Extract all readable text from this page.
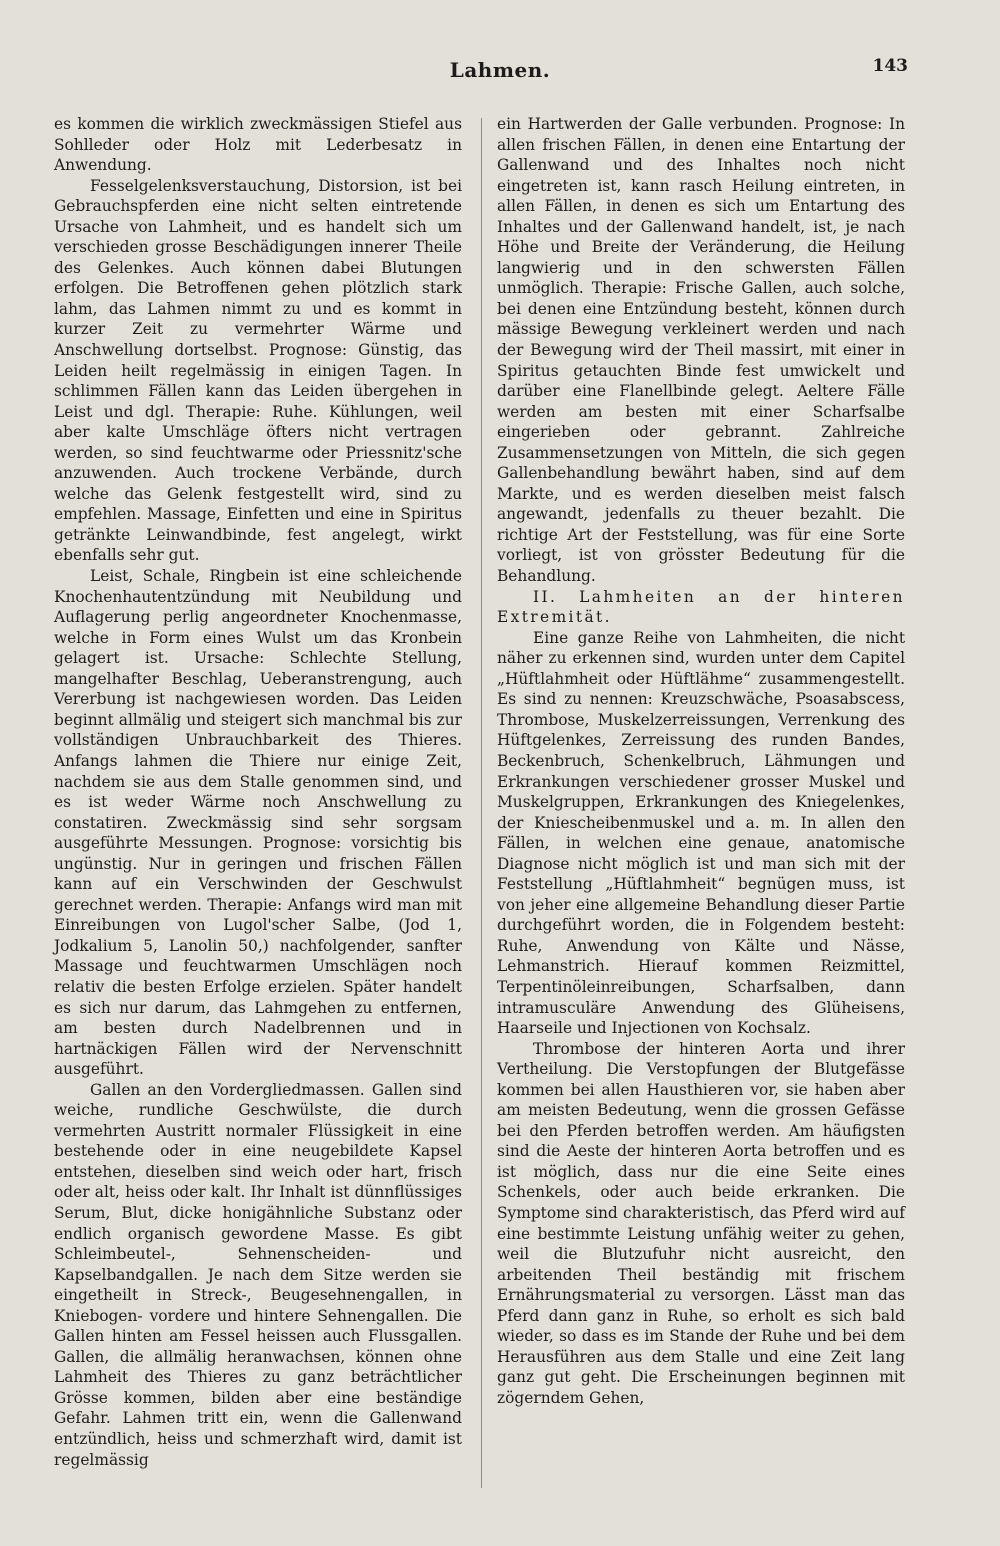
Lahmen.	143

es kommen die wirklich zweckmässigen Stiefel aus Sohlleder oder Holz mit Lederbesatz in Anwendung.

Fesselgelenksverstauchung, Distorsion, ist bei Gebrauchspferden eine nicht selten eintretende Ursache von Lahmheit, und es handelt sich um verschieden grosse Beschädigungen innerer Theile des Gelenkes. Auch können dabei Blutungen erfolgen. Die Betroffenen gehen plötzlich stark lahm, das Lahmen nimmt zu und es kommt in kurzer Zeit zu vermehrter Wärme und Anschwellung dortselbst. Prognose: Günstig, das Leiden heilt regelmässig in einigen Tagen. In schlimmen Fällen kann das Leiden übergehen in Leist und dgl. Therapie: Ruhe. Kühlungen, weil aber kalte Umschläge öfters nicht vertragen werden, so sind feuchtwarme oder Priessnitz'sche anzuwenden. Auch trockene Verbände, durch welche das Gelenk festgestellt wird, sind zu empfehlen. Massage, Einfetten und eine in Spiritus getränkte Leinwandbinde, fest angelegt, wirkt ebenfalls sehr gut.

Leist, Schale, Ringbein ist eine schleichende Knochenhautentzündung mit Neubildung und Auflagerung perlig angeordneter Knochenmasse, welche in Form eines Wulst um das Kronbein gelagert ist. Ursache: Schlechte Stellung, mangelhafter Beschlag, Ueberanstrengung, auch Vererbung ist nachgewiesen worden. Das Leiden beginnt allmälig und steigert sich manchmal bis zur vollständigen Unbrauchbarkeit des Thieres. Anfangs lahmen die Thiere nur einige Zeit, nachdem sie aus dem Stalle genommen sind, und es ist weder Wärme noch Anschwellung zu constatiren. Zweckmässig sind sehr sorgsam ausgeführte Messungen. Prognose: vorsichtig bis ungünstig. Nur in geringen und frischen Fällen kann auf ein Verschwinden der Geschwulst gerechnet werden. Therapie: Anfangs wird man mit Einreibungen von Lugol'scher Salbe, (Jod 1, Jodkalium 5, Lanolin 50,) nachfolgender, sanfter Massage und feuchtwarmen Umschlägen noch relativ die besten Erfolge erzielen. Später handelt es sich nur darum, das Lahmgehen zu entfernen, am besten durch Nadelbrennen und in hartnäckigen Fällen wird der Nervenschnitt ausgeführt.

Gallen an den Vordergliedmassen. Gallen sind weiche, rundliche Geschwülste, die durch vermehrten Austritt normaler Flüssigkeit in eine bestehende oder in eine neugebildete Kapsel entstehen, dieselben sind weich oder hart, frisch oder alt, heiss oder kalt. Ihr Inhalt ist dünnflüssiges Serum, Blut, dicke honigähnliche Substanz oder endlich organisch gewordene Masse. Es gibt Schleimbeutel-, Sehnenscheiden- und Kapselbandgallen. Je nach dem Sitze werden sie eingetheilt in Streck-, Beugesehnengallen, in Kniebogen- vordere und hintere Sehnengallen. Die Gallen hinten am Fessel heissen auch Flussgallen. Gallen, die allmälig heranwachsen, können ohne Lahmheit des Thieres zu ganz beträchtlicher Grösse kommen, bilden aber eine beständige Gefahr. Lahmen tritt ein, wenn die Gallenwand entzündlich, heiss und schmerzhaft wird, damit ist regelmässig

ein Hartwerden der Galle verbunden. Prognose: In allen frischen Fällen, in denen eine Entartung der Gallenwand und des Inhaltes noch nicht eingetreten ist, kann rasch Heilung eintreten, in allen Fällen, in denen es sich um Entartung des Inhaltes und der Gallenwand handelt, ist, je nach Höhe und Breite der Veränderung, die Heilung langwierig und in den schwersten Fällen unmöglich. Therapie: Frische Gallen, auch solche, bei denen eine Entzündung besteht, können durch mässige Bewegung verkleinert werden und nach der Bewegung wird der Theil massirt, mit einer in Spiritus getauchten Binde fest umwickelt und darüber eine Flanellbinde gelegt. Aeltere Fälle werden am besten mit einer Scharfsalbe eingerieben oder gebrannt. Zahlreiche Zusammensetzungen von Mitteln, die sich gegen Gallenbehandlung bewährt haben, sind auf dem Markte, und es werden dieselben meist falsch angewandt, jedenfalls zu theuer bezahlt. Die richtige Art der Feststellung, was für eine Sorte vorliegt, ist von grösster Bedeutung für die Behandlung.

II. Lahmheiten an der hinteren Extremität.

Eine ganze Reihe von Lahmheiten, die nicht näher zu erkennen sind, wurden unter dem Capitel „Hüftlahmheit oder Hüftlähme“ zusammengestellt. Es sind zu nennen: Kreuzschwäche, Psoasabscess, Thrombose, Muskelzerreissungen, Verrenkung des Hüftgelenkes, Zerreissung des runden Bandes, Beckenbruch, Schenkelbruch, Lähmungen und Erkrankungen verschiedener grosser Muskel und Muskelgruppen, Erkrankungen des Kniegelenkes, der Kniescheibenmuskel und a. m. In allen den Fällen, in welchen eine genaue, anatomische Diagnose nicht möglich ist und man sich mit der Feststellung „Hüftlahmheit“ begnügen muss, ist von jeher eine allgemeine Behandlung dieser Partie durchgeführt worden, die in Folgendem besteht: Ruhe, Anwendung von Kälte und Nässe, Lehmanstrich. Hierauf kommen Reizmittel, Terpentinöleinreibungen, Scharfsalben, dann intramusculäre Anwendung des Glüheisens, Haarseile und Injectionen von Kochsalz.

Thrombose der hinteren Aorta und ihrer Vertheilung. Die Verstopfungen der Blutgefässe kommen bei allen Hausthieren vor, sie haben aber am meisten Bedeutung, wenn die grossen Gefässe bei den Pferden betroffen werden. Am häufigsten sind die Aeste der hinteren Aorta betroffen und es ist möglich, dass nur die eine Seite eines Schenkels, oder auch beide erkranken. Die Symptome sind charakteristisch, das Pferd wird auf eine bestimmte Leistung unfähig weiter zu gehen, weil die Blutzufuhr nicht ausreicht, den arbeitenden Theil beständig mit frischem Ernährungsmaterial zu versorgen. Lässt man das Pferd dann ganz in Ruhe, so erholt es sich bald wieder, so dass es im Stande der Ruhe und bei dem Herausführen aus dem Stalle und eine Zeit lang ganz gut geht. Die Erscheinungen beginnen mit zögerndem Gehen,
